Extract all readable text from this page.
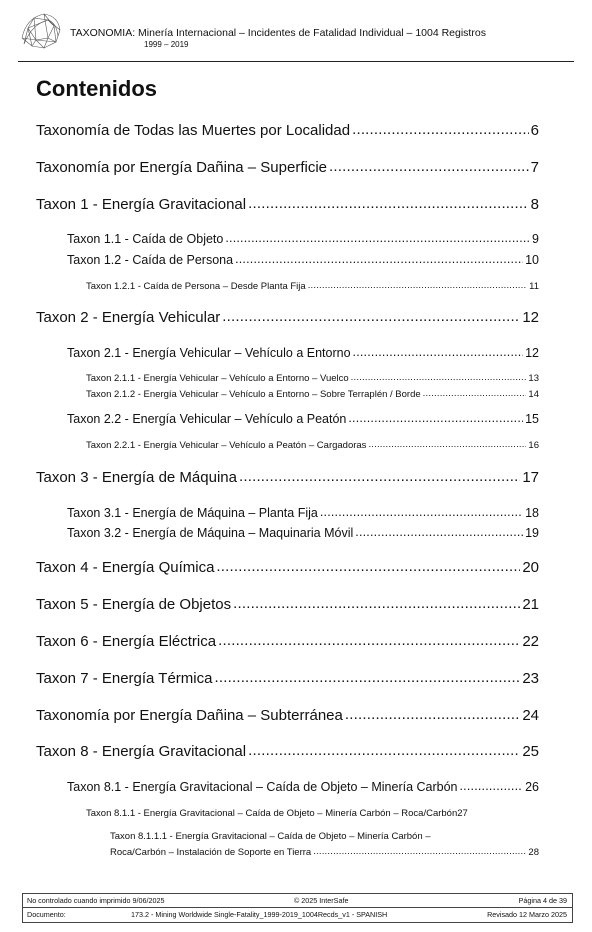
TAXONOMIA: Minería Internacional – Incidentes de Fatalidad Individual – 1004 Registros
1999 – 2019
Contenidos
Taxonomía de Todas las Muertes por Localidad .....	6
Taxonomía por Energía Dañina – Superficie .....	7
Taxon 1 - Energía Gravitacional .....	8
Taxon 1.1 - Caída de Objeto .....	9
Taxon 1.2 - Caída de Persona .....	10
Taxon 1.2.1 - Caída de Persona – Desde Planta Fija .....	11
Taxon 2 - Energía Vehicular .....	12
Taxon 2.1 - Energía Vehicular – Vehículo a Entorno .....	12
Taxon 2.1.1 - Energía Vehicular – Vehículo a Entorno – Vuelco .....	13
Taxon 2.1.2 - Energía Vehicular – Vehículo a Entorno – Sobre Terraplén / Borde .....	14
Taxon 2.2 - Energía Vehicular – Vehículo a Peatón .....	15
Taxon 2.2.1 - Energía Vehicular – Vehículo a Peatón – Cargadoras .....	16
Taxon 3 - Energía de Máquina .....	17
Taxon 3.1 - Energía de Máquina – Planta Fija .....	18
Taxon 3.2 - Energía de Máquina – Maquinaria Móvil .....	19
Taxon 4 - Energía Química .....	20
Taxon 5 - Energía de Objetos .....	21
Taxon 6 - Energía Eléctrica .....	22
Taxon 7 - Energía Térmica .....	23
Taxonomía por Energía Dañina – Subterránea .....	24
Taxon 8 - Energía Gravitacional .....	25
Taxon 8.1 - Energía Gravitacional – Caída de Objeto – Minería Carbón .....	26
Taxon 8.1.1 - Energía Gravitacional – Caída de Objeto – Minería Carbón – Roca/Carbón 27
Taxon 8.1.1.1 - Energía Gravitacional – Caída de Objeto – Minería Carbón –
Roca/Carbón – Instalación de Soporte en Tierra .....	28
No controlado cuando imprimido 9/06/2025	© 2025 InterSafe	Página 4 de 39
Documento:	173.2 - Mining Worldwide Single-Fatality_1999-2019_1004Recds_v1 - SPANISH	Revisado 12 Marzo 2025
